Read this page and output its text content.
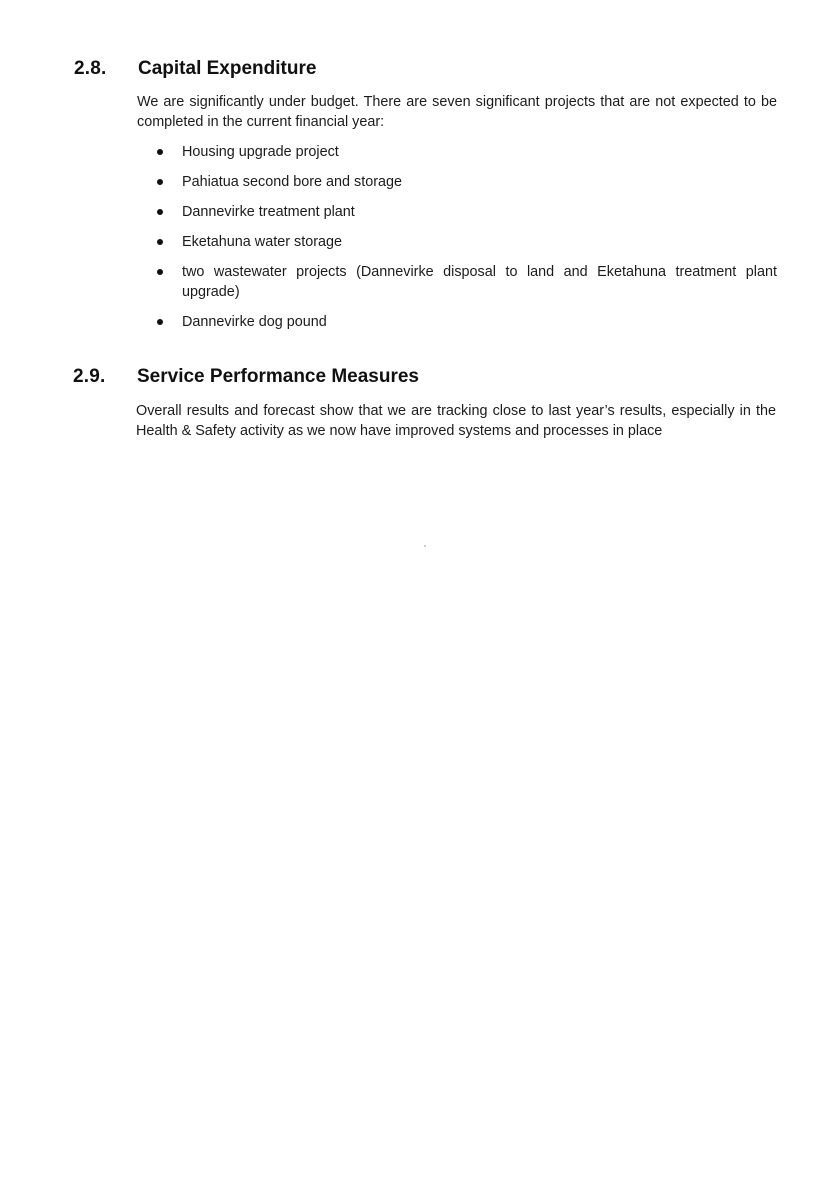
2.8. Capital Expenditure

We are significantly under budget. There are seven significant projects that are not expected to be completed in the current financial year:

Housing upgrade project
Pahiatua second bore and storage
Dannevirke treatment plant
Eketahuna water storage
two wastewater projects (Dannevirke disposal to land and Eketahuna treatment plant upgrade)
Dannevirke dog pound
2.9. Service Performance Measures

Overall results and forecast show that we are tracking close to last year’s results, especially in the Health & Safety activity as we now have improved systems and processes in place
